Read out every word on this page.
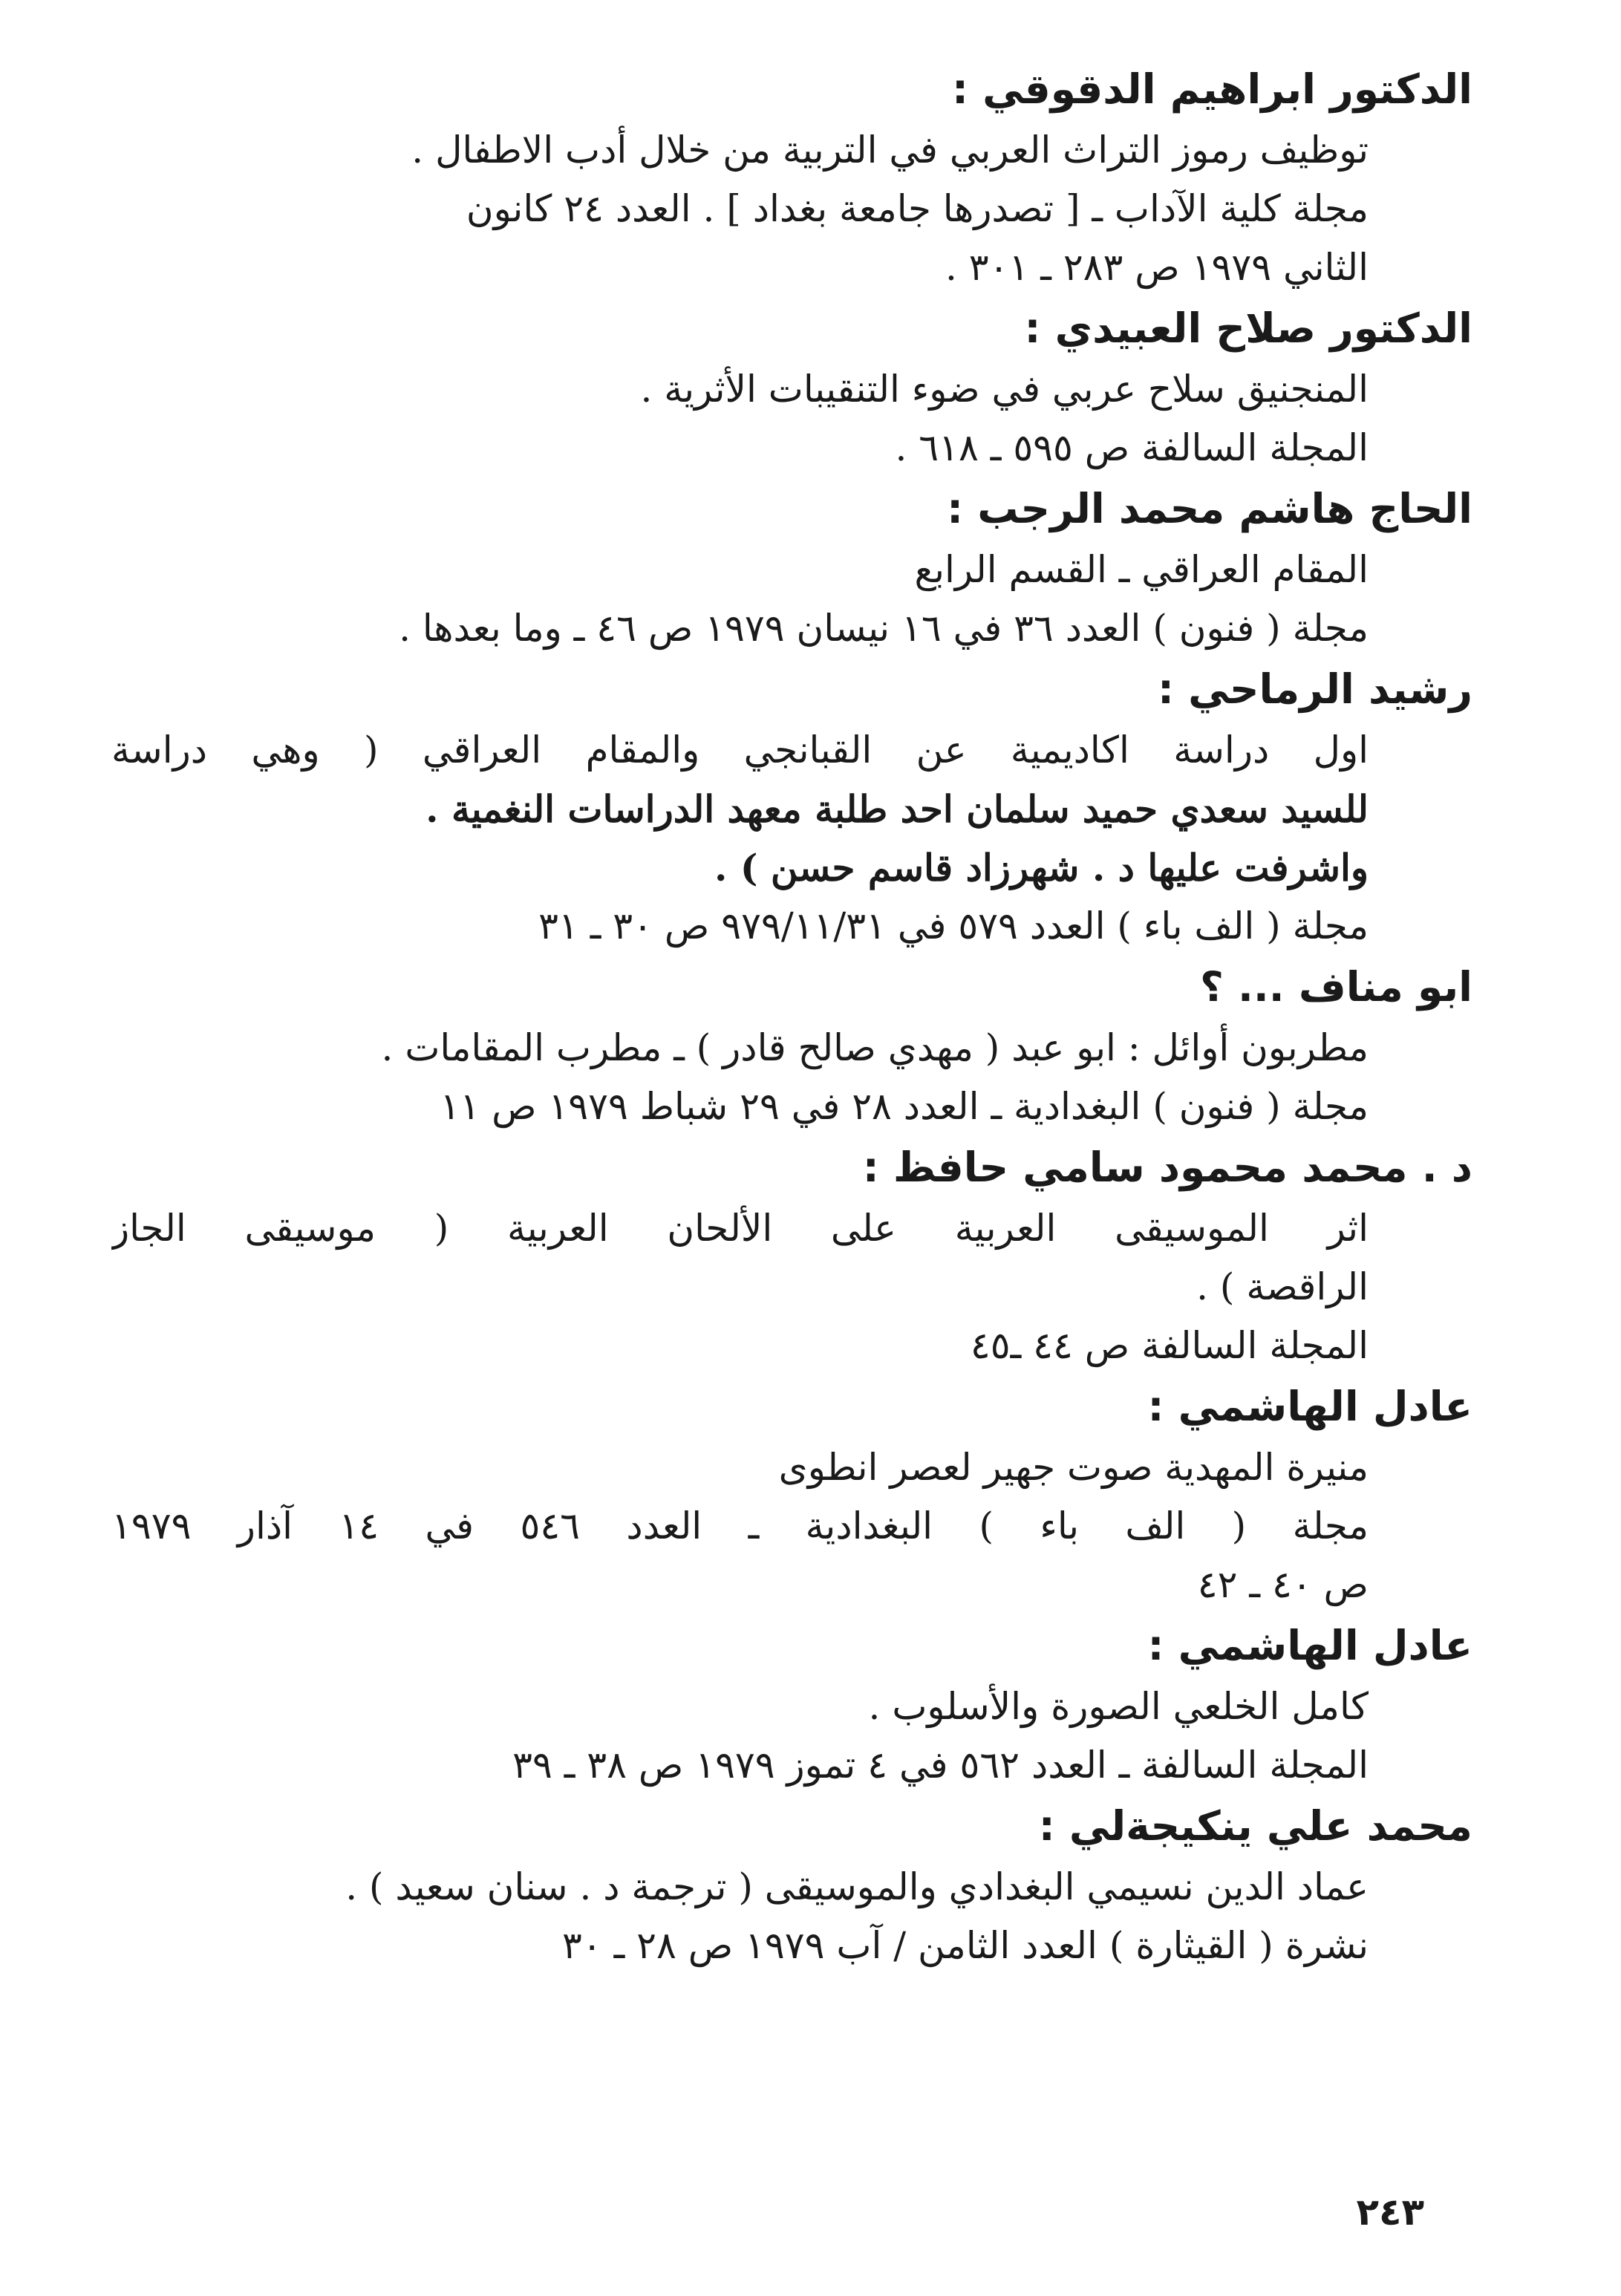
الدكتور ابراهيم الدقوقي :
توظيف رموز التراث العربي في التربية من خلال أدب الاطفال .
مجلة كلية الآداب ـ [ تصدرها جامعة بغداد ] . العدد ٢٤ كانون
الثاني ١٩٧٩ ص ٢٨٣ ـ ٣٠١ .
الدكتور صلاح العبيدي :
المنجنيق سلاح عربي في ضوء التنقيبات الأثرية .
المجلة السالفة ص ٥٩٥ ـ ٦١٨ .
الحاج هاشم محمد الرجب :
المقام العراقي ـ القسم الرابع
مجلة ( فنون ) العدد ٣٦ في ١٦ نيسان ١٩٧٩ ص ٤٦ ـ وما بعدها .
رشيد الرماحي :
اول دراسة اكاديمية عن القبانجي والمقام العراقي ( وهي دراسة
للسيد سعدي حميد سلمان احد طلبة معهد الدراسات النغمية .
واشرفت عليها د . شهرزاد قاسم حسن ) .
مجلة ( الف باء ) العدد ٥٧٩ في ٩٧٩/١١/٣١ ص ٣٠ ـ ٣١
ابو مناف ... ؟
مطربون أوائل : ابو عبد ( مهدي صالح قادر ) ـ مطرب المقامات .
مجلة ( فنون ) البغدادية ـ العدد ٢٨ في ٢٩ شباط ١٩٧٩ ص ١١
د . محمد محمود سامي حافظ :
اثر الموسيقى العربية على الألحان العربية ( موسيقى الجاز
الراقصة ) .
المجلة السالفة ص ٤٤ ـ٤٥
عادل الهاشمي :
منيرة المهدية صوت جهير لعصر انطوى
مجلة ( الف باء ) البغدادية ـ العدد ٥٤٦ في ١٤ آذار ١٩٧٩
ص ٤٠ ـ ٤٢
عادل الهاشمي :
كامل الخلعي الصورة والأسلوب .
المجلة السالفة ـ العدد ٥٦٢ في ٤ تموز ١٩٧٩ ص ٣٨ ـ ٣٩
محمد علي ينكيجةلي :
عماد الدين نسيمي البغدادي والموسيقى ( ترجمة د . سنان سعيد ) .
نشرة ( القيثارة ) العدد الثامن / آب ١٩٧٩ ص ٢٨ ـ ٣٠
٢٤٣
